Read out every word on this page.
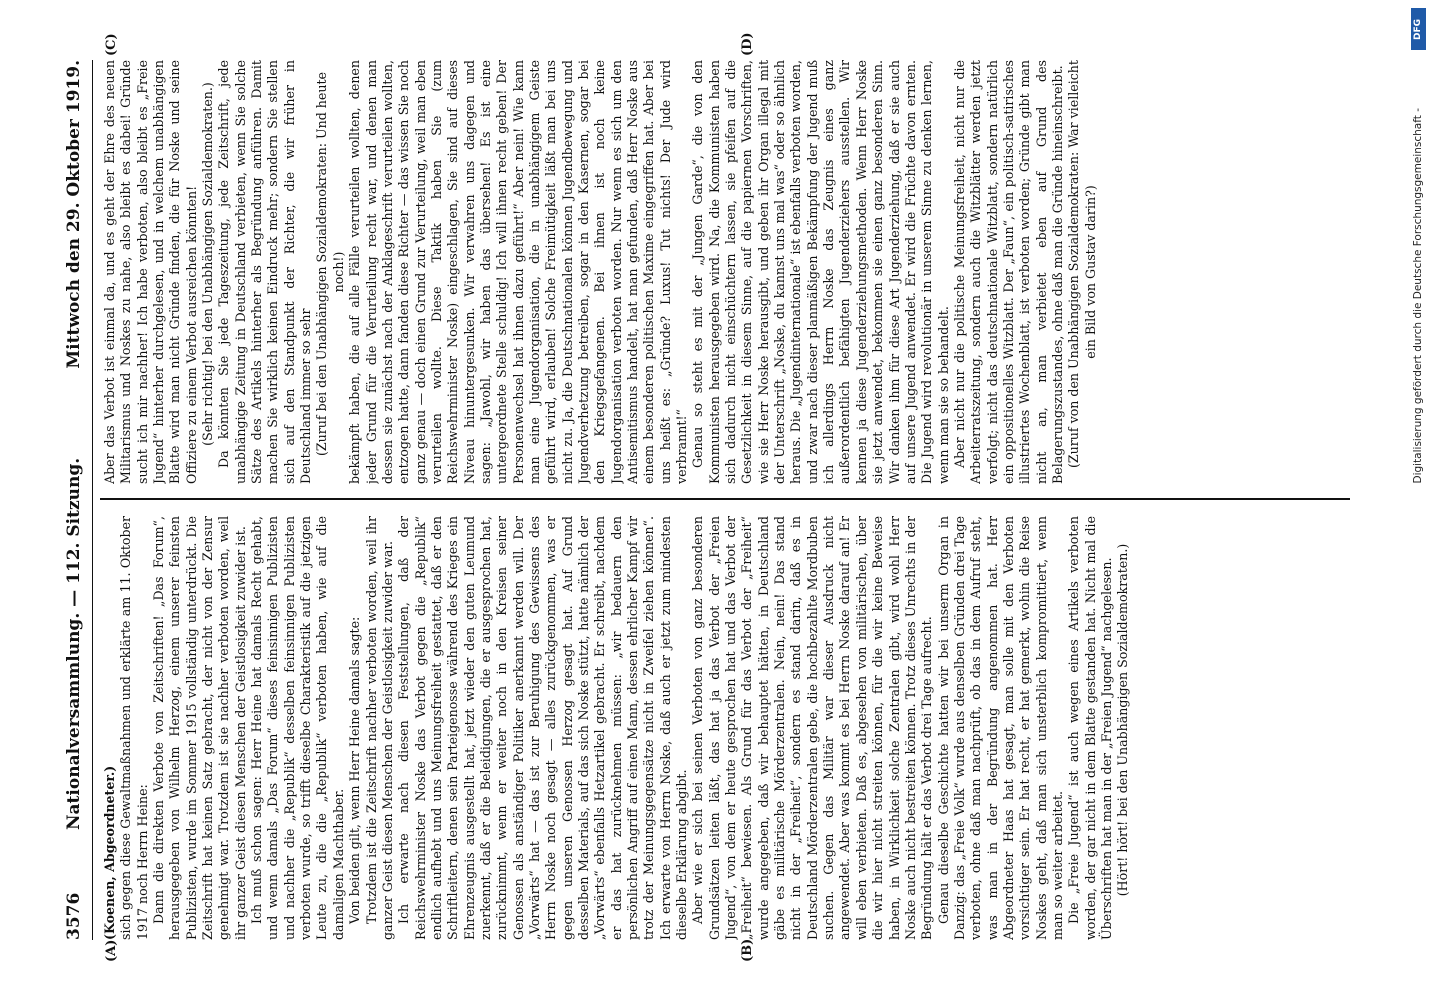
3576
Nationalversammlung. — 112. Sitzung.
Mittwoch den 29. Oktober 1919.
(A)	(B)
(C)	(D)

(Koenen, Abgeordneter.) sich gegen diese Gewaltmaßnahmen und erklärte am 11. Oktober 1917 noch Herrn Heine: Dann die direkten Verbote von Zeitschriften! „Das Forum“, herausgegeben von Wilhelm Herzog, einem unserer feinsten Publizisten, wurde im Sommer 1915 vollständig unterdrückt. Die Zeitschrift hat keinen Satz gebracht, der nicht von der Zensur genehmigt war. Trotzdem ist sie nachher verboten worden, weil ihr ganzer Geist diesen Menschen der Geistlosigkeit zuwider ist. Ich muß schon sagen: Herr Heine hat damals Recht gehabt, und wenn damals „Das Forum“ dieses feinsinnigen Publizisten und nachher die „Republik“ desselben feinsinnigen Publizisten verboten wurde, so trifft dieselbe Charakteristik auf die jetzigen Leute zu, die die „Republik“ verboten haben, wie auf die damaligen Machthaber. Von beiden gilt, wenn Herr Heine damals sagte: Trotzdem ist die Zeitschrift nachher verboten worden, weil ihr ganzer Geist diesen Menschen der Geistlosigkeit zuwider war. Ich erwarte nach diesen Feststellungen, daß der Reichswehrminister Noske das Verbot gegen die „Republik“ endlich aufhebt und uns Meinungsfreiheit gestattet, daß er den Schriftleitern, denen sein Parteigenosse während des Krieges ein Ehrenzeugnis ausgestellt hat, jetzt wieder den guten Leumund zuerkennt, daß er die Beleidigungen, die er ausgesprochen hat, zurücknimmt, wenn er weiter noch in den Kreisen seiner Genossen als anständiger Politiker anerkannt werden will. Der „Vorwärts“ hat — das ist zur Beruhigung des Gewissens des Herrn Noske noch gesagt — alles zurückgenommen, was er gegen unseren Genossen Herzog gesagt hat. Auf Grund desselben Materials, auf das sich Noske stützt, hatte nämlich der „Vorwärts“ ebenfalls Hetzartikel gebracht. Er schreibt, nachdem er das hat zurücknehmen müssen: „wir bedauern den persönlichen Angriff auf einen Mann, dessen ehrlicher Kampf wir trotz der Meinungsgegensätze nicht in Zweifel ziehen können“. Ich erwarte von Herrn Noske, daß auch er jetzt zum mindesten dieselbe Erklärung abgibt. Aber wie er sich bei seinen Verboten von ganz besonderen Grundsätzen leiten läßt, das hat ja das Verbot der „Freien Jugend“, von dem er heute gesprochen hat und das Verbot der „Freiheit“ bewiesen. Als Grund für das Verbot der „Freiheit“ wurde angegeben, daß wir behauptet hätten, in Deutschland gäbe es militärische Mörderzentralen. Nein, nein! Das stand nicht in der „Freiheit“, sondern es stand darin, daß es in Deutschland Mörderzentralen gebe, die hochbezahlte Mordbuben suchen. Gegen das Militär war dieser Ausdruck nicht angewendet. Aber was kommt es bei Herrn Noske darauf an! Er will eben verbieten. Daß es, abgesehen von militärischen, über die wir hier nicht streiten können, für die wir keine Beweise haben, in Wirklichkeit solche Zentralen gibt, wird wohl Herr Noske auch nicht bestreiten können. Trotz dieses Unrechts in der Begründung hält er das Verbot drei Tage aufrecht. Genau dieselbe Geschichte hatten wir bei unserm Organ in Danzig: das „Freie Volk“ wurde aus denselben Gründen drei Tage verboten, ohne daß man nachprüft, ob das in dem Aufruf steht, was man in der Begründung angenommen hat. Herr Abgeordneter Haas hat gesagt, man solle mit den Verboten vorsichtiger sein. Er hat recht, er hat gemerkt, wohin die Reise Noskes geht, daß man sich unsterblich kompromittiert, wenn man so weiter arbeitet. Die „Freie Jugend“ ist auch wegen eines Artikels verboten worden, der gar nicht in dem Blatte gestanden hat. Nicht mal die Überschriften hat man in der „Freien Jugend“ nachgelesen. (Hört! hört! bei den Unabhängigen Sozialdemokraten.)

Aber das Verbot ist einmal da, und es geht der Ehre des neuen Militarismus und Noskes zu nahe, also bleibt es dabei! Gründe sucht ich mir nachher! Ich habe verboten, also bleibt es „Freie Jugend“ hinterher durchgelesen, und in welchem unabhängigen Blatte wird man nicht Gründe finden, die für Noske und seine Offiziere zu einem Verbot ausreichen könnten! (Sehr richtig! bei den Unabhängigen Sozialdemokraten.) Da könnten Sie jede Tageszeitung, jede Zeitschrift, jede unabhängige Zeitung in Deutschland verbieten, wenn Sie solche Sätze des Artikels hinterher als Begründung anführen. Damit machen Sie wirklich keinen Eindruck mehr; sondern Sie stellen sich auf den Standpunkt der Richter, die wir früher in Deutschland immer so sehr (Zuruf bei den Unabhängigen Sozialdemokraten: Und heute noch!) bekämpft haben, die auf alle Fälle verurteilen wollten, denen jeder Grund für die Verurteilung recht war, und denen man dessen sie zunächst nach der Anklageschrift verurteilen wollten, entzogen hatte, dann fanden diese Richter — das wissen Sie noch ganz genau — doch einen Grund zur Verurteilung, weil man eben verurteilen wollte. Diese Taktik haben Sie (zum Reichswehrminister Noske) eingeschlagen, Sie sind auf dieses Niveau hinuntergesunken. Wir verwahren uns dagegen und sagen: „Jawohl, wir haben das übersehen! Es ist eine untergeordnete Stelle schuldig! Ich will ihnen recht geben! Der Personenwechsel hat ihnen dazu geführt!“ Aber nein! Wie kann man eine Jugendorganisation, die in unabhängigem Geiste geführt wird, erlauben! Solche Freimütigkeit läßt man bei uns nicht zu. Ja, die Deutschnationalen können Jugendbewegung und Jugendverhetzung betreiben, sogar in den Kasernen, sogar bei den Kriegsgefangenen. Bei ihnen ist noch keine Jugendorganisation verboten worden. Nur wenn es sich um den Antisemitismus handelt, hat man gefunden, daß Herr Noske aus einem besonderen politischen Maxime eingegriffen hat. Aber bei uns heißt es: „Gründe? Luxus! Tut nichts! Der Jude wird verbrannt!“ Genau so steht es mit der „Jungen Garde“, die von den Kommunisten herausgegeben wird. Na, die Kommunisten haben sich dadurch nicht einschüchtern lassen, sie pfeifen auf die Gesetzlichkeit in diesem Sinne, auf die papiernen Vorschriften, wie sie Herr Noske herausgibt, und geben ihr Organ illegal mit der Unterschrift „Noske, du kannst uns mal was“ oder so ähnlich heraus. Die „Jugendinternationale“ ist ebenfalls verboten worden, und zwar nach dieser planmäßigen Bekämpfung der Jugend muß ich allerdings Herrn Noske das Zeugnis eines ganz außerordentlich befähigten Jugenderziehers ausstellen. Wir kennen ja diese Jugenderziehungsmethoden. Wenn Herr Noske sie jetzt anwendet, bekommen sie einen ganz besonderen Sinn. Wir danken ihm für diese Art Jugenderziehung, daß er sie auch auf unsere Jugend anwendet. Er wird die Früchte davon ernten. Die Jugend wird revolutionär in unserem Sinne zu denken lernen, wenn man sie so behandelt. Aber nicht nur die politische Meinungsfreiheit, nicht nur die Arbeiterratszeitung, sondern auch die Witzblätter werden jetzt verfolgt; nicht das deutschnationale Witzblatt, sondern natürlich ein oppositionelles Witzblatt. Der „Faun“, ein politisch-satirisches illustriertes Wochenblatt, ist verboten worden; Gründe gibt man nicht an, man verbietet eben auf Grund des Belagerungszustandes, ohne daß man die Gründe hineinschreibt. (Zuruf von den Unabhängigen Sozialdemokraten: War vielleicht ein Bild von Gustav darin?)

DFG
Digitalisierung gefördert durch die Deutsche Forschungsgemeinschaft -
